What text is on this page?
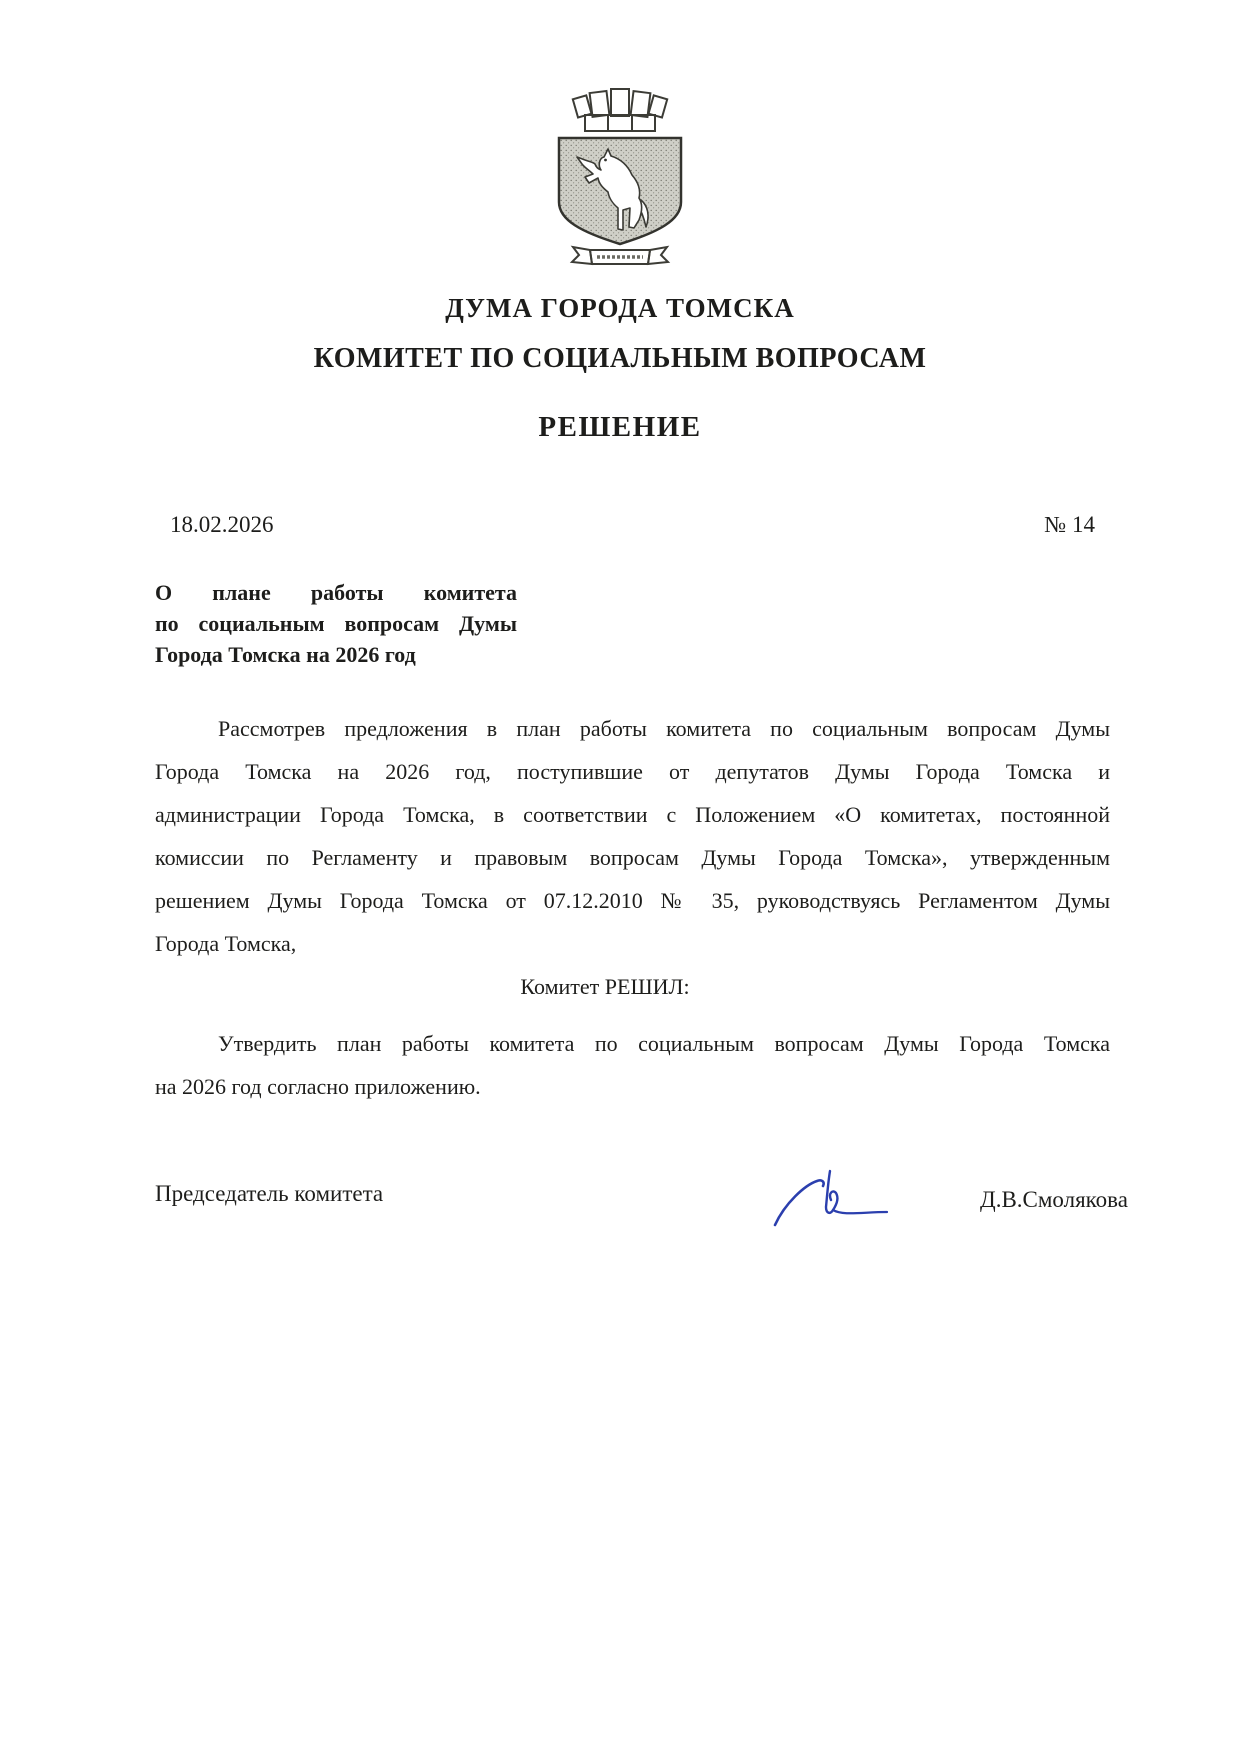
ДУМА ГОРОДА ТОМСКА
КОМИТЕТ ПО СОЦИАЛЬНЫМ ВОПРОСАМ
РЕШЕНИЕ
18.02.2026	№ 14
О плане работы комитета
по социальным вопросам Думы
Города Томска на 2026 год
Рассмотрев предложения в план работы комитета по социальным вопросам Думы
Города Томска на 2026 год, поступившие от депутатов Думы Города Томска и
администрации Города Томска, в соответствии с Положением «О комитетах, постоянной
комиссии по Регламенту и правовым вопросам Думы Города Томска», утвержденным
решением Думы Города Томска от 07.12.2010 № 35, руководствуясь Регламентом Думы
Города Томска,
Комитет РЕШИЛ:
Утвердить план работы комитета по социальным вопросам Думы Города Томска
на 2026 год согласно приложению.
Председатель комитета	Д.В.Смолякова
